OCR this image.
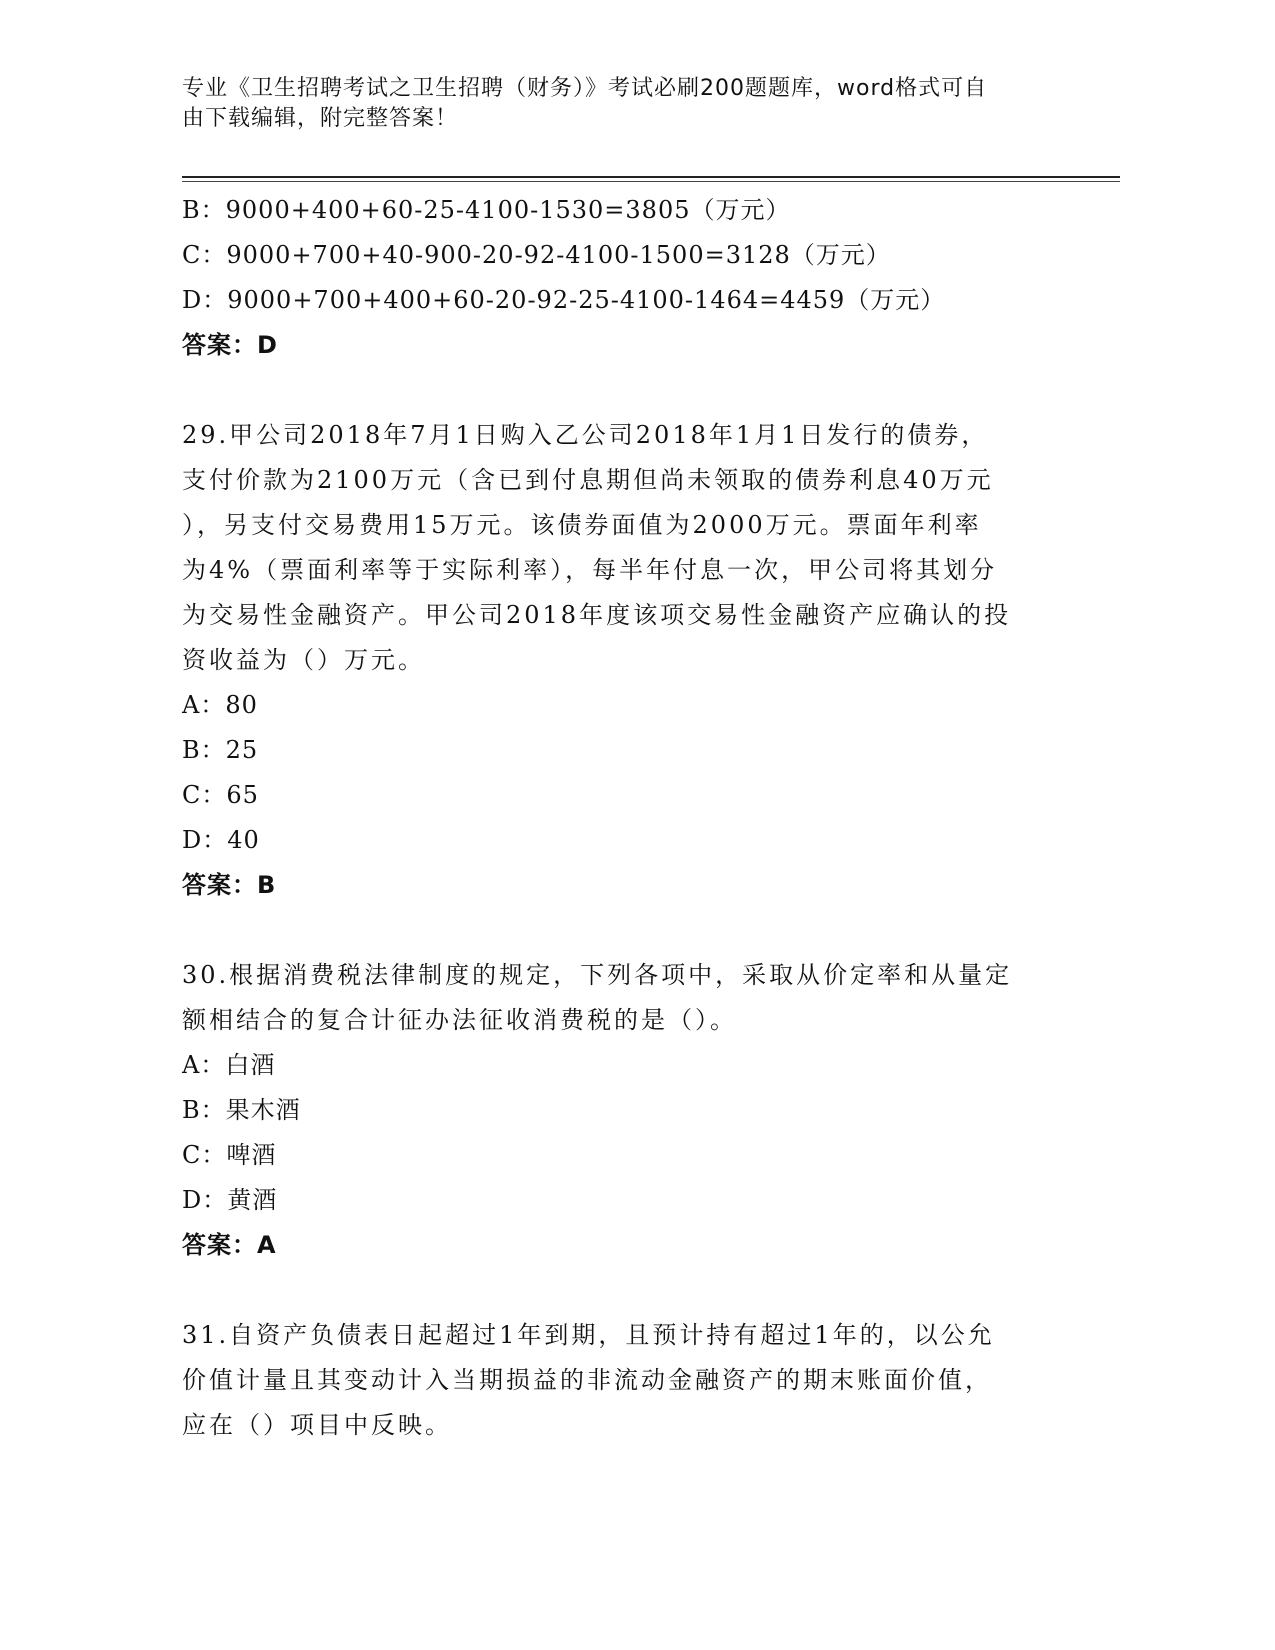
专业《卫生招聘考试之卫生招聘（财务）》考试必刷200题题库，word格式可自
由下载编辑，附完整答案！
B：9000+400+60-25-4100-1530=3805（万元）
C：9000+700+40-900-20-92-4100-1500=3128（万元）
D：9000+700+400+60-20-92-25-4100-1464=4459（万元）
答案：D
29.甲公司2018年7月1日购入乙公司2018年1月1日发行的债券，
支付价款为2100万元（含已到付息期但尚未领取的债券利息40万元
），另支付交易费用15万元。该债券面值为2000万元。票面年利率
为4%（票面利率等于实际利率），每半年付息一次，甲公司将其划分
为交易性金融资产。甲公司2018年度该项交易性金融资产应确认的投
资收益为（）万元。
A：80
B：25
C：65
D：40
答案：B
30.根据消费税法律制度的规定，下列各项中，采取从价定率和从量定
额相结合的复合计征办法征收消费税的是（）。
A：白酒
B：果木酒
C：啤酒
D：黄酒
答案：A
31.自资产负债表日起超过1年到期，且预计持有超过1年的，以公允
价值计量且其变动计入当期损益的非流动金融资产的期末账面价值，
应在（）项目中反映。
